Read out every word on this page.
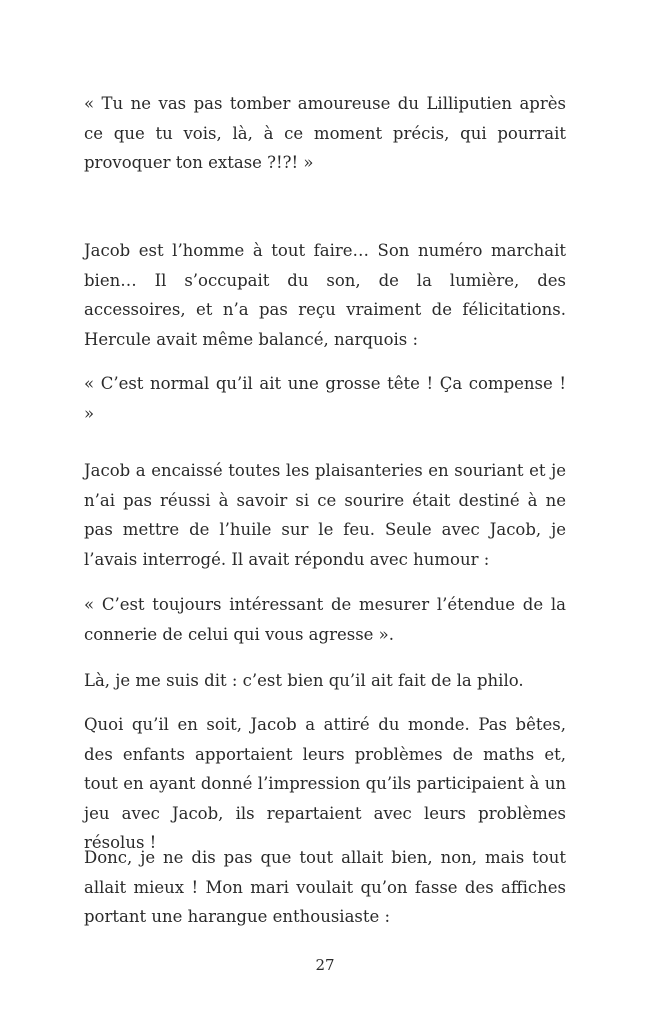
« Tu ne vas pas tomber amoureuse du Lilliputien après ce que tu vois, là, à ce moment précis, qui pourrait provoquer ton extase ?!?! »

Jacob est l’homme à tout faire… Son numéro marchait bien… Il s’occupait du son, de la lumière, des accessoires, et n’a pas reçu vraiment de félicitations. Hercule avait même balancé, narquois :

« C’est normal qu’il ait une grosse tête ! Ça compense ! »

Jacob a encaissé toutes les plaisanteries en souriant et je n’ai pas réussi à savoir si ce sourire était destiné à ne pas mettre de l’huile sur le feu. Seule avec Jacob, je l’avais interrogé. Il avait répondu avec humour :

« C’est toujours intéressant de mesurer l’étendue de la connerie de celui qui vous agresse ».

Là, je me suis dit : c’est bien qu’il ait fait de la philo.

Quoi qu’il en soit, Jacob a attiré du monde. Pas bêtes, des enfants apportaient leurs problèmes de maths et, tout en ayant donné l’impression qu’ils participaient à un jeu avec Jacob, ils repartaient avec leurs problèmes résolus !

Donc, je ne dis pas que tout allait bien, non, mais tout allait mieux ! Mon mari voulait qu’on fasse des affiches portant une harangue enthousiaste :

27
